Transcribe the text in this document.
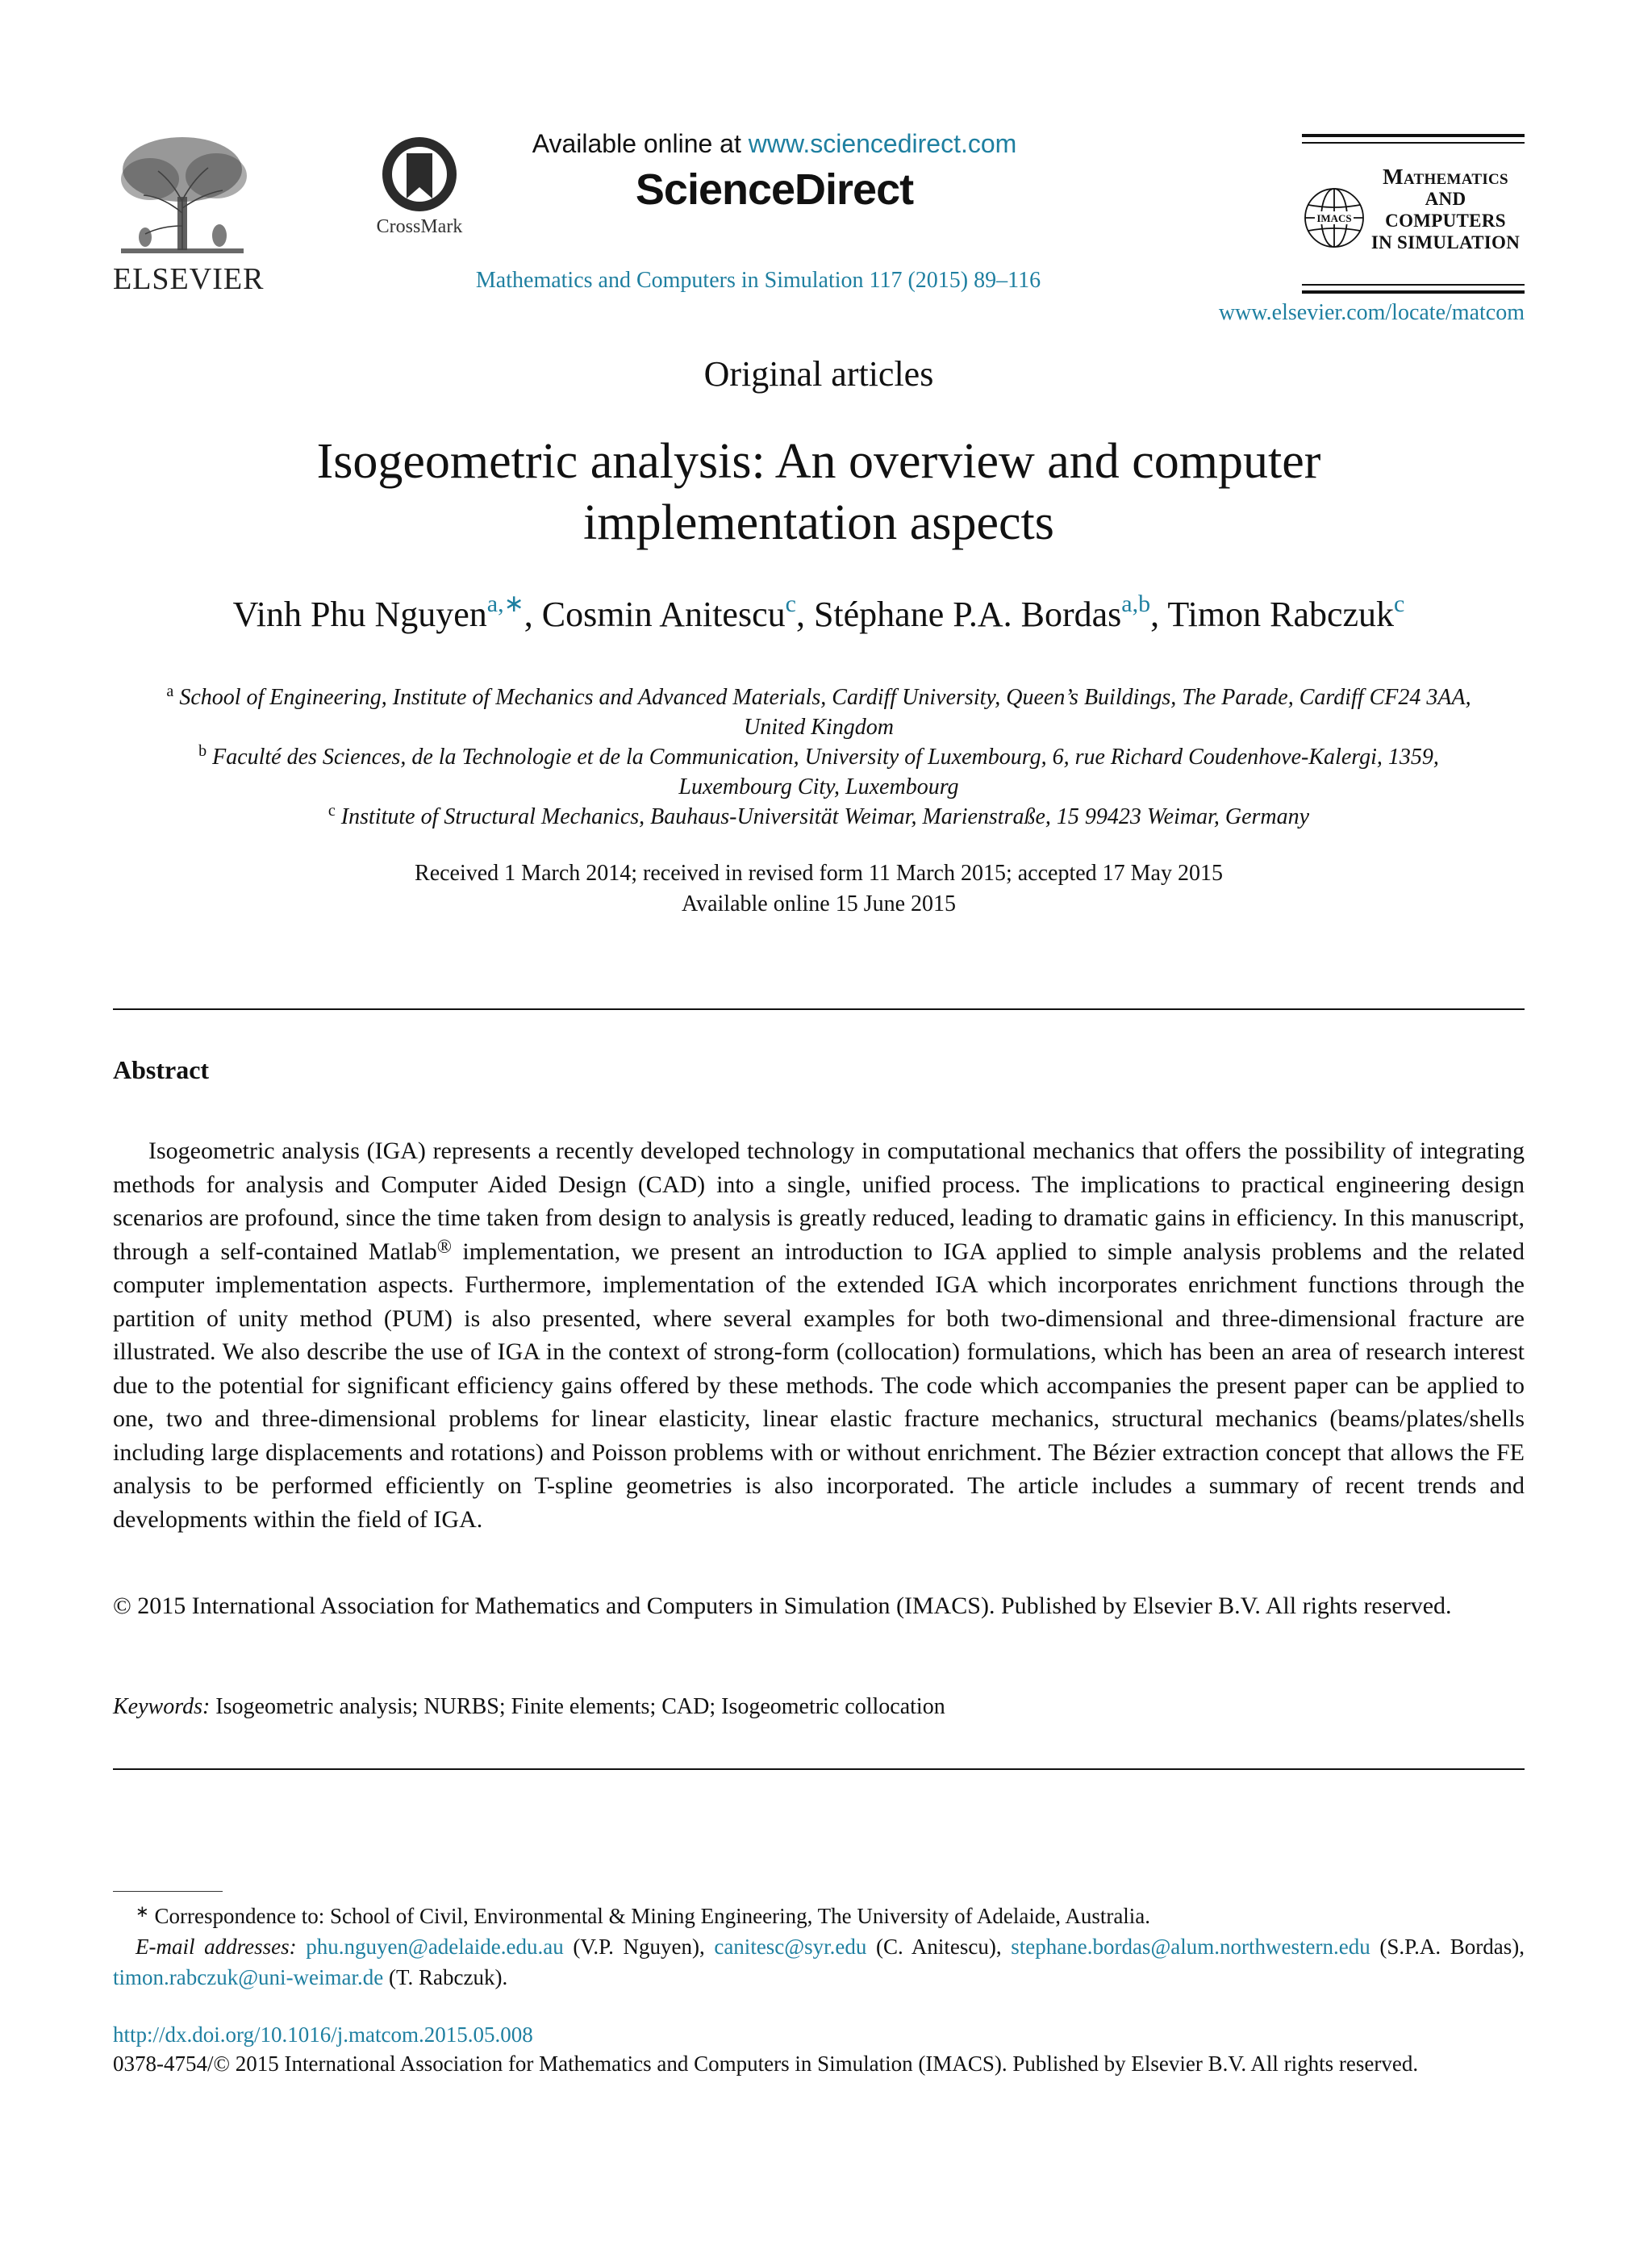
ELSEVIER
CrossMark
Available online at www.sciencedirect.com
ScienceDirect
Mathematics and Computers in Simulation 117 (2015) 89–116
IMACS
Mathematics
AND
COMPUTERS
IN SIMULATION
www.elsevier.com/locate/matcom
Original articles
Isogeometric analysis: An overview and computer
implementation aspects
Vinh Phu Nguyen$^{a,∗}$, Cosmin Anitescu$^c$, Stéphane P.A. Bordas$^{a,b}$, Timon Rabczuk$^c$
$^a$ School of Engineering, Institute of Mechanics and Advanced Materials, Cardiff University, Queen’s Buildings, The Parade, Cardiff CF24 3AA,
United Kingdom
$^b$ Faculté des Sciences, de la Technologie et de la Communication, University of Luxembourg, 6, rue Richard Coudenhove-Kalergi, 1359,
Luxembourg City, Luxembourg
$^c$ Institute of Structural Mechanics, Bauhaus-Universität Weimar, Marienstraße, 15 99423 Weimar, Germany
Received 1 March 2014; received in revised form 11 March 2015; accepted 17 May 2015
Available online 15 June 2015
Abstract
Isogeometric analysis (IGA) represents a recently developed technology in computational mechanics that offers the possibility of integrating methods for analysis and Computer Aided Design (CAD) into a single, unified process. The implications to practical engineering design scenarios are profound, since the time taken from design to analysis is greatly reduced, leading to dramatic gains in efficiency. In this manuscript, through a self-contained Matlab® implementation, we present an introduction to IGA applied to simple analysis problems and the related computer implementation aspects. Furthermore, implementation of the extended IGA which incorporates enrichment functions through the partition of unity method (PUM) is also presented, where several examples for both two-dimensional and three-dimensional fracture are illustrated. We also describe the use of IGA in the context of strong-form (collocation) formulations, which has been an area of research interest due to the potential for significant efficiency gains offered by these methods. The code which accompanies the present paper can be applied to one, two and three-dimensional problems for linear elasticity, linear elastic fracture mechanics, structural mechanics (beams/plates/shells including large displacements and rotations) and Poisson problems with or without enrichment. The Bézier extraction concept that allows the FE analysis to be performed efficiently on T-spline geometries is also incorporated. The article includes a summary of recent trends and developments within the field of IGA.
© 2015 International Association for Mathematics and Computers in Simulation (IMACS). Published by Elsevier B.V. All rights reserved.
Keywords: Isogeometric analysis; NURBS; Finite elements; CAD; Isogeometric collocation
∗ Correspondence to: School of Civil, Environmental & Mining Engineering, The University of Adelaide, Australia.
E-mail addresses: phu.nguyen@adelaide.edu.au (V.P. Nguyen), canitesc@syr.edu (C. Anitescu), stephane.bordas@alum.northwestern.edu (S.P.A. Bordas), timon.rabczuk@uni-weimar.de (T. Rabczuk).
http://dx.doi.org/10.1016/j.matcom.2015.05.008
0378-4754/© 2015 International Association for Mathematics and Computers in Simulation (IMACS). Published by Elsevier B.V. All rights reserved.
